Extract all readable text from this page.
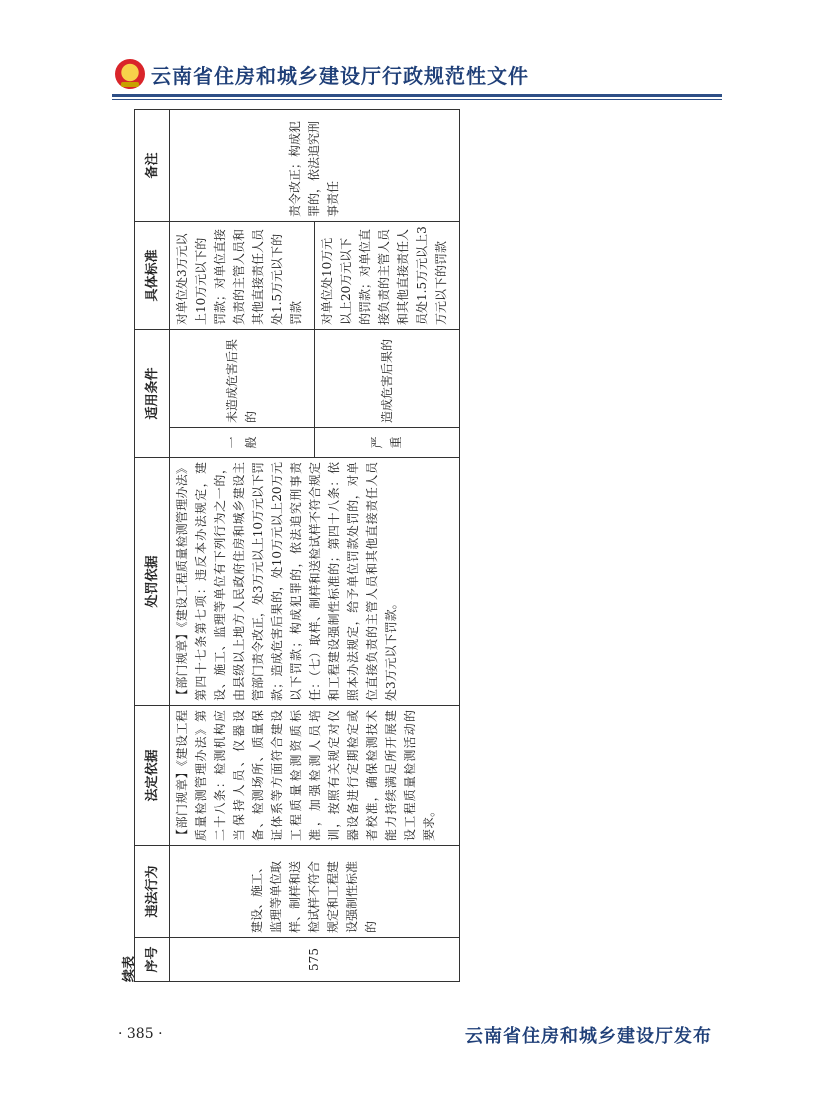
★ 云南省住房和城乡建设厅行政规范性文件
续表 序号	违法行为	法定依据	处罚依据	适用条件		具体标准	备注
575	建设、施工、监理等单位取样、制样和送检试样不符合规定和工程建设强制性标准的	【部门规章】《建设工程质量检测管理办法》第二十八条：检测机构应当保持人员、仪器设备、检测场所、质量保证体系等方面符合建设工程质量检测资质标准，加强检测人员培训，按照有关规定对仪器设备进行定期检定或者校准，确保检测技术能力持续满足所开展建设工程质量检测活动的要求。	【部门规章】《建设工程质量检测管理办法》第四十七条第七项：违反本办法规定，建设、施工、监理等单位有下列行为之一的，由县级以上地方人民政府住房和城乡建设主管部门责令改正，处3万元以上10万元以下罚款；造成危害后果的，处10万元以上20万元以下罚款；构成犯罪的，依法追究刑事责任：（七）取样、制样和送检试样不符合规定和工程建设强制性标准的；第四十八条：依照本办法规定，给予单位罚款处罚的，对单位直接负责的主管人员和其他直接责任人员处3万元以下罚款。	一般	未造成危害后果的	对单位处3万元以上10万元以下的罚款；对单位直接负责的主管人员和其他直接责任人员处1.5万元以下的罚款	责令改正；构成犯罪的，依法追究刑事责任
				严重	造成危害后果的	对单位处10万元以上20万元以下的罚款；对单位直接负责的主管人员和其他直接责任人员处1.5万元以上3万元以下的罚款	
· 385 ·	云南省住房和城乡建设厅发布
